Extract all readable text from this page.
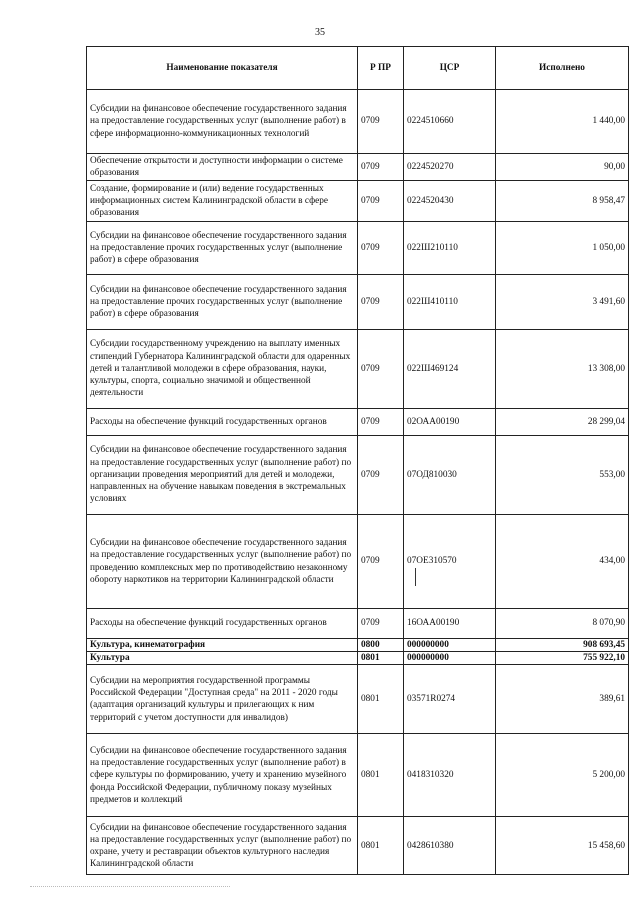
35
Наименование показателя	Р ПР	ЦСР	Исполнено
Субсидии на финансовое обеспечение государственного задания на предоставление государственных услуг (выполнение работ) в сфере информационно-коммуникационных технологий	0709	0224510660	1 440,00
Обеспечение открытости и доступности информации о системе образования	0709	0224520270	90,00
Создание, формирование и (или) ведение государственных информационных систем Калининградской области в сфере образования	0709	0224520430	8 958,47
Субсидии на финансовое обеспечение государственного задания на предоставление прочих государственных услуг (выполнение работ) в сфере образования	0709	022Ш210110	1 050,00
Субсидии на финансовое обеспечение государственного задания на предоставление прочих государственных услуг (выполнение работ) в сфере образования	0709	022Ш410110	3 491,60
Субсидии государственному учреждению на выплату именных стипендий Губернатора Калининградской области для одаренных детей и талантливой молодежи в сфере образования, науки, культуры, спорта, социально значимой и общественной деятельности	0709	022Ш469124	13 308,00
Расходы на обеспечение функций государственных органов	0709	02ОАА00190	28 299,04
Субсидии на финансовое обеспечение государственного задания на предоставление государственных услуг (выполнение работ) по организации проведения мероприятий для детей и молодежи, направленных на обучение навыкам поведения в экстремальных условиях	0709	07ОД810030	553,00
Субсидии на финансовое обеспечение государственного задания на предоставление государственных услуг (выполнение работ) по проведению комплексных мер по противодействию незаконному обороту наркотиков на территории Калининградской области	0709	07ОЕ310570	434,00
Расходы на обеспечение функций государственных органов	0709	16ОАА00190	8 070,90
Культура, кинематография	0800	000000000	908 693,45
Культура	0801	000000000	755 922,10
Субсидии на мероприятия государственной программы Российской Федерации "Доступная среда" на 2011 - 2020 годы (адаптация организаций культуры и прилегающих к ним территорий с учетом доступности для инвалидов)	0801	03571R0274	389,61
Субсидии на финансовое обеспечение государственного задания на предоставление государственных услуг (выполнение работ) в сфере культуры по формированию, учету и хранению музейного фонда Российской Федерации, публичному показу музейных предметов и коллекций	0801	0418310320	5 200,00
Субсидии на финансовое обеспечение государственного задания на предоставление государственных услуг (выполнение работ) по охране, учету и реставрации объектов культурного наследия Калининградской области	0801	0428610380	15 458,60
